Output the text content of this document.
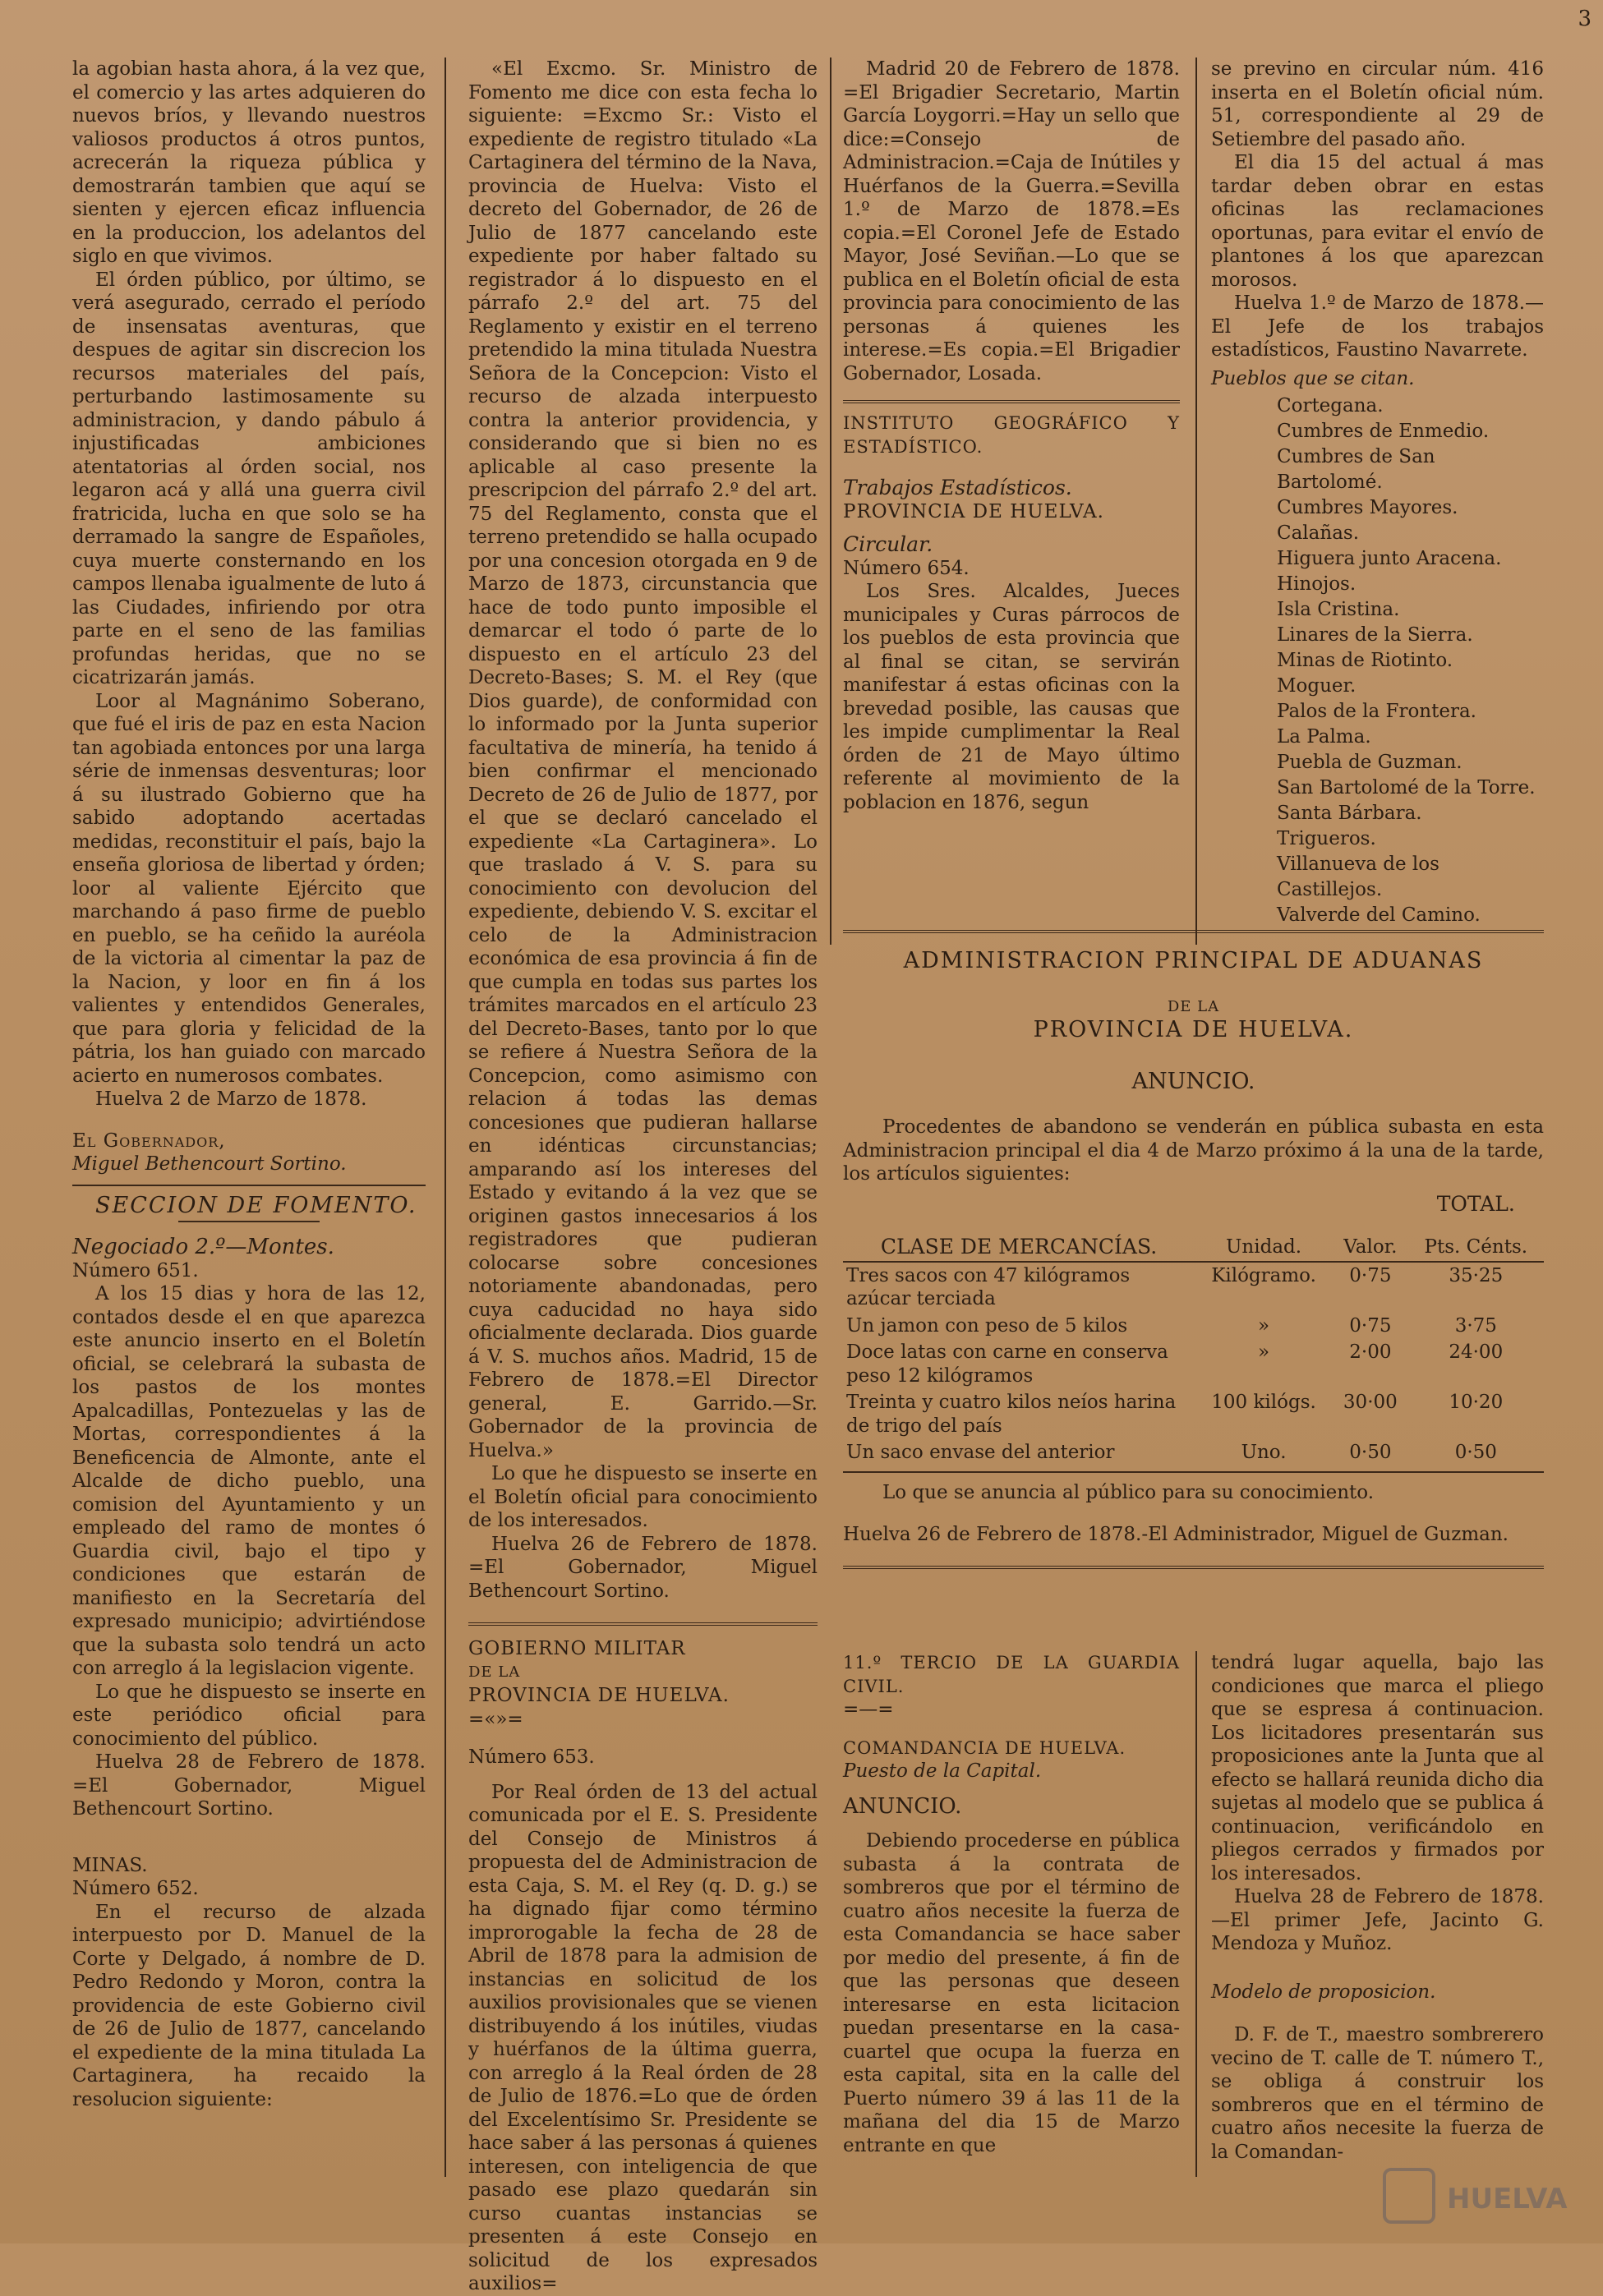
3

la agobian hasta ahora, á la vez que, el comercio y las artes adquieren do nuevos bríos, y llevando nuestros valiosos productos á otros puntos, acrecerán la riqueza pública y demostrarán tambien que aquí se sienten y ejercen eficaz influencia en la produccion, los adelantos del siglo en que vivimos.

El órden público, por último, se verá asegurado, cerrado el período de insensatas aventuras, que despues de agitar sin discrecion los recursos materiales del país, perturbando lastimosamente su administracion, y dando pábulo á injustificadas ambiciones atentatorias al órden social, nos legaron acá y allá una guerra civil fratricida, lucha en que solo se ha derramado la sangre de Españoles, cuya muerte consternando en los campos llenaba igualmente de luto á las Ciudades, infiriendo por otra parte en el seno de las familias profundas heridas, que no se cicatrizarán jamás.

Loor al Magnánimo Soberano, que fué el iris de paz en esta Nacion tan agobiada entonces por una larga série de inmensas desventuras; loor á su ilustrado Gobierno que ha sabido adoptando acertadas medidas, reconstituir el país, bajo la enseña gloriosa de libertad y órden; loor al valiente Ejército que marchando á paso firme de pueblo en pueblo, se ha ceñido la auréola de la victoria al cimentar la paz de la Nacion, y loor en fin á los valientes y entendidos Generales, que para gloria y felicidad de la pátria, los han guiado con marcado acierto en numerosos combates.

Huelva 2 de Marzo de 1878.

El Gobernador,

Miguel Bethencourt Sortino.

SECCION DE FOMENTO.

Negociado 2.º—Montes.

Número 651.

A los 15 dias y hora de las 12, contados desde el en que aparezca este anuncio inserto en el Boletín oficial, se celebrará la subasta de los pastos de los montes Apalcadillas, Pontezuelas y las de Mortas, correspondientes á la Beneficencia de Almonte, ante el Alcalde de dicho pueblo, una comision del Ayuntamiento y un empleado del ramo de montes ó Guardia civil, bajo el tipo y condiciones que estarán de manifiesto en la Secretaría del expresado municipio; advirtiéndose que la subasta solo tendrá un acto con arreglo á la legislacion vigente.

Lo que he dispuesto se inserte en este periódico oficial para conocimiento del público.

Huelva 28 de Febrero de 1878. =El Gobernador, Miguel Bethencourt Sortino.

MINAS.

Número 652.

En el recurso de alzada interpuesto por D. Manuel de la Corte y Delgado, á nombre de D. Pedro Redondo y Moron, contra la providencia de este Gobierno civil de 26 de Julio de 1877, cancelando el expediente de la mina titulada La Cartaginera, ha recaido la resolucion siguiente:

«El Excmo. Sr. Ministro de Fomento me dice con esta fecha lo siguiente: =Excmo Sr.: Visto el expediente de registro titulado «La Cartaginera del término de la Nava, provincia de Huelva: Visto el decreto del Gobernador, de 26 de Julio de 1877 cancelando este expediente por haber faltado su registrador á lo dispuesto en el párrafo 2.º del art. 75 del Reglamento y existir en el terreno pretendido la mina titulada Nuestra Señora de la Concepcion: Visto el recurso de alzada interpuesto contra la anterior providencia, y considerando que si bien no es aplicable al caso presente la prescripcion del párrafo 2.º del art. 75 del Reglamento, consta que el terreno pretendido se halla ocupado por una concesion otorgada en 9 de Marzo de 1873, circunstancia que hace de todo punto imposible el demarcar el todo ó parte de lo dispuesto en el artículo 23 del Decreto-Bases; S. M. el Rey (que Dios guarde), de conformidad con lo informado por la Junta superior facultativa de minería, ha tenido á bien confirmar el mencionado Decreto de 26 de Julio de 1877, por el que se declaró cancelado el expediente «La Cartaginera». Lo que traslado á V. S. para su conocimiento con devolucion del expediente, debiendo V. S. excitar el celo de la Administracion económica de esa provincia á fin de que cumpla en todas sus partes los trámites marcados en el artículo 23 del Decreto-Bases, tanto por lo que se refiere á Nuestra Señora de la Concepcion, como asimismo con relacion á todas las demas concesiones que pudieran hallarse en idénticas circunstancias; amparando así los intereses del Estado y evitando á la vez que se originen gastos innecesarios á los registradores que pudieran colocarse sobre concesiones notoriamente abandonadas, pero cuya caducidad no haya sido oficialmente declarada. Dios guarde á V. S. muchos años. Madrid, 15 de Febrero de 1878.=El Director general, E. Garrido.—Sr. Gobernador de la provincia de Huelva.»

Lo que he dispuesto se inserte en el Boletín oficial para conocimiento de los interesados.

Huelva 26 de Febrero de 1878. =El Gobernador, Miguel Bethencourt Sortino.

GOBIERNO MILITAR

DE LA

PROVINCIA DE HUELVA.

=«»=

Número 653.

Por Real órden de 13 del actual comunicada por el E. S. Presidente del Consejo de Ministros á propuesta del de Administracion de esta Caja, S. M. el Rey (q. D. g.) se ha dignado fijar como término improrogable la fecha de 28 de Abril de 1878 para la admision de instancias en solicitud de los auxilios provisionales que se vienen distribuyendo á los inútiles, viudas y huérfanos de la última guerra, con arreglo á la Real órden de 28 de Julio de 1876.=Lo que de órden del Excelentísimo Sr. Presidente se hace saber á las personas á quienes interesen, con inteligencia de que pasado ese plazo quedarán sin curso cuantas instancias se presenten á este Consejo en solicitud de los expresados auxilios=

Madrid 20 de Febrero de 1878. =El Brigadier Secretario, Martin García Loygorri.=Hay un sello que dice:=Consejo de Administracion.=Caja de Inútiles y Huérfanos de la Guerra.=Sevilla 1.º de Marzo de 1878.=Es copia.=El Coronel Jefe de Estado Mayor, José Seviñan.—Lo que se publica en el Boletín oficial de esta provincia para conocimiento de las personas á quienes les interese.=Es copia.=El Brigadier Gobernador, Losada.

INSTITUTO GEOGRÁFICO Y ESTADÍSTICO.

Trabajos Estadísticos.

PROVINCIA DE HUELVA.

Circular.

Número 654.

Los Sres. Alcaldes, Jueces municipales y Curas párrocos de los pueblos de esta provincia que al final se citan, se servirán manifestar á estas oficinas con la brevedad posible, las causas que les impide cumplimentar la Real órden de 21 de Mayo último referente al movimiento de la poblacion en 1876, segun

se previno en circular núm. 416 inserta en el Boletín oficial núm. 51, correspondiente al 29 de Setiembre del pasado año.

El dia 15 del actual á mas tardar deben obrar en estas oficinas las reclamaciones oportunas, para evitar el envío de plantones á los que aparezcan morosos.

Huelva 1.º de Marzo de 1878.—El Jefe de los trabajos estadísticos, Faustino Navarrete.

Pueblos que se citan.

Cortegana.
Cumbres de Enmedio.
Cumbres de San Bartolomé.
Cumbres Mayores.
Calañas.
Higuera junto Aracena.
Hinojos.
Isla Cristina.
Linares de la Sierra.
Minas de Riotinto.
Moguer.
Palos de la Frontera.
La Palma.
Puebla de Guzman.
San Bartolomé de la Torre.
Santa Bárbara.
Trigueros.
Villanueva de los Castillejos.
Valverde del Camino.

ADMINISTRACION PRINCIPAL DE ADUANAS

DE LA

PROVINCIA DE HUELVA.

ANUNCIO.

Procedentes de abandono se venderán en pública subasta en esta Administracion principal el dia 4 de Marzo próximo á la una de la tarde, los artículos siguientes:

			TOTAL.
CLASE DE MERCANCÍAS.	Unidad.	Valor.	Pts. Cénts.
Tres sacos con 47 kilógramos azúcar terciada	Kilógramo.	0·75	35·25
Un jamon con peso de 5 kilos	»	0·75	3·75
Doce latas con carne en conserva peso 12 kilógramos	»	2·00	24·00
Treinta y cuatro kilos neíos harina de trigo del país	100 kilógs.	30·00	10·20
Un saco envase del anterior	Uno.	0·50	0·50

Lo que se anuncia al público para su conocimiento.

Huelva 26 de Febrero de 1878.-El Administrador, Miguel de Guzman.

11.º TERCIO DE LA GUARDIA CIVIL.

=—=

COMANDANCIA DE HUELVA.

Puesto de la Capital.

ANUNCIO.

Debiendo procederse en pública subasta á la contrata de sombreros que por el término de cuatro años necesite la fuerza de esta Comandancia se hace saber por medio del presente, á fin de que las personas que deseen interesarse en esta licitacion puedan presentarse en la casa-cuartel que ocupa la fuerza en esta capital, sita en la calle del Puerto número 39 á las 11 de la mañana del dia 15 de Marzo entrante en que

tendrá lugar aquella, bajo las condiciones que marca el pliego que se espresa á continuacion. Los licitadores presentarán sus proposiciones ante la Junta que al efecto se hallará reunida dicho dia sujetas al modelo que se publica á continuacion, verificándolo en pliegos cerrados y firmados por los interesados.

Huelva 28 de Febrero de 1878. —El primer Jefe, Jacinto G. Mendoza y Muñoz.

Modelo de proposicion.

D. F. de T., maestro sombrerero vecino de T. calle de T. número T., se obliga á construir los sombreros que en el término de cuatro años necesite la fuerza de la Comandan-

HUELVA
